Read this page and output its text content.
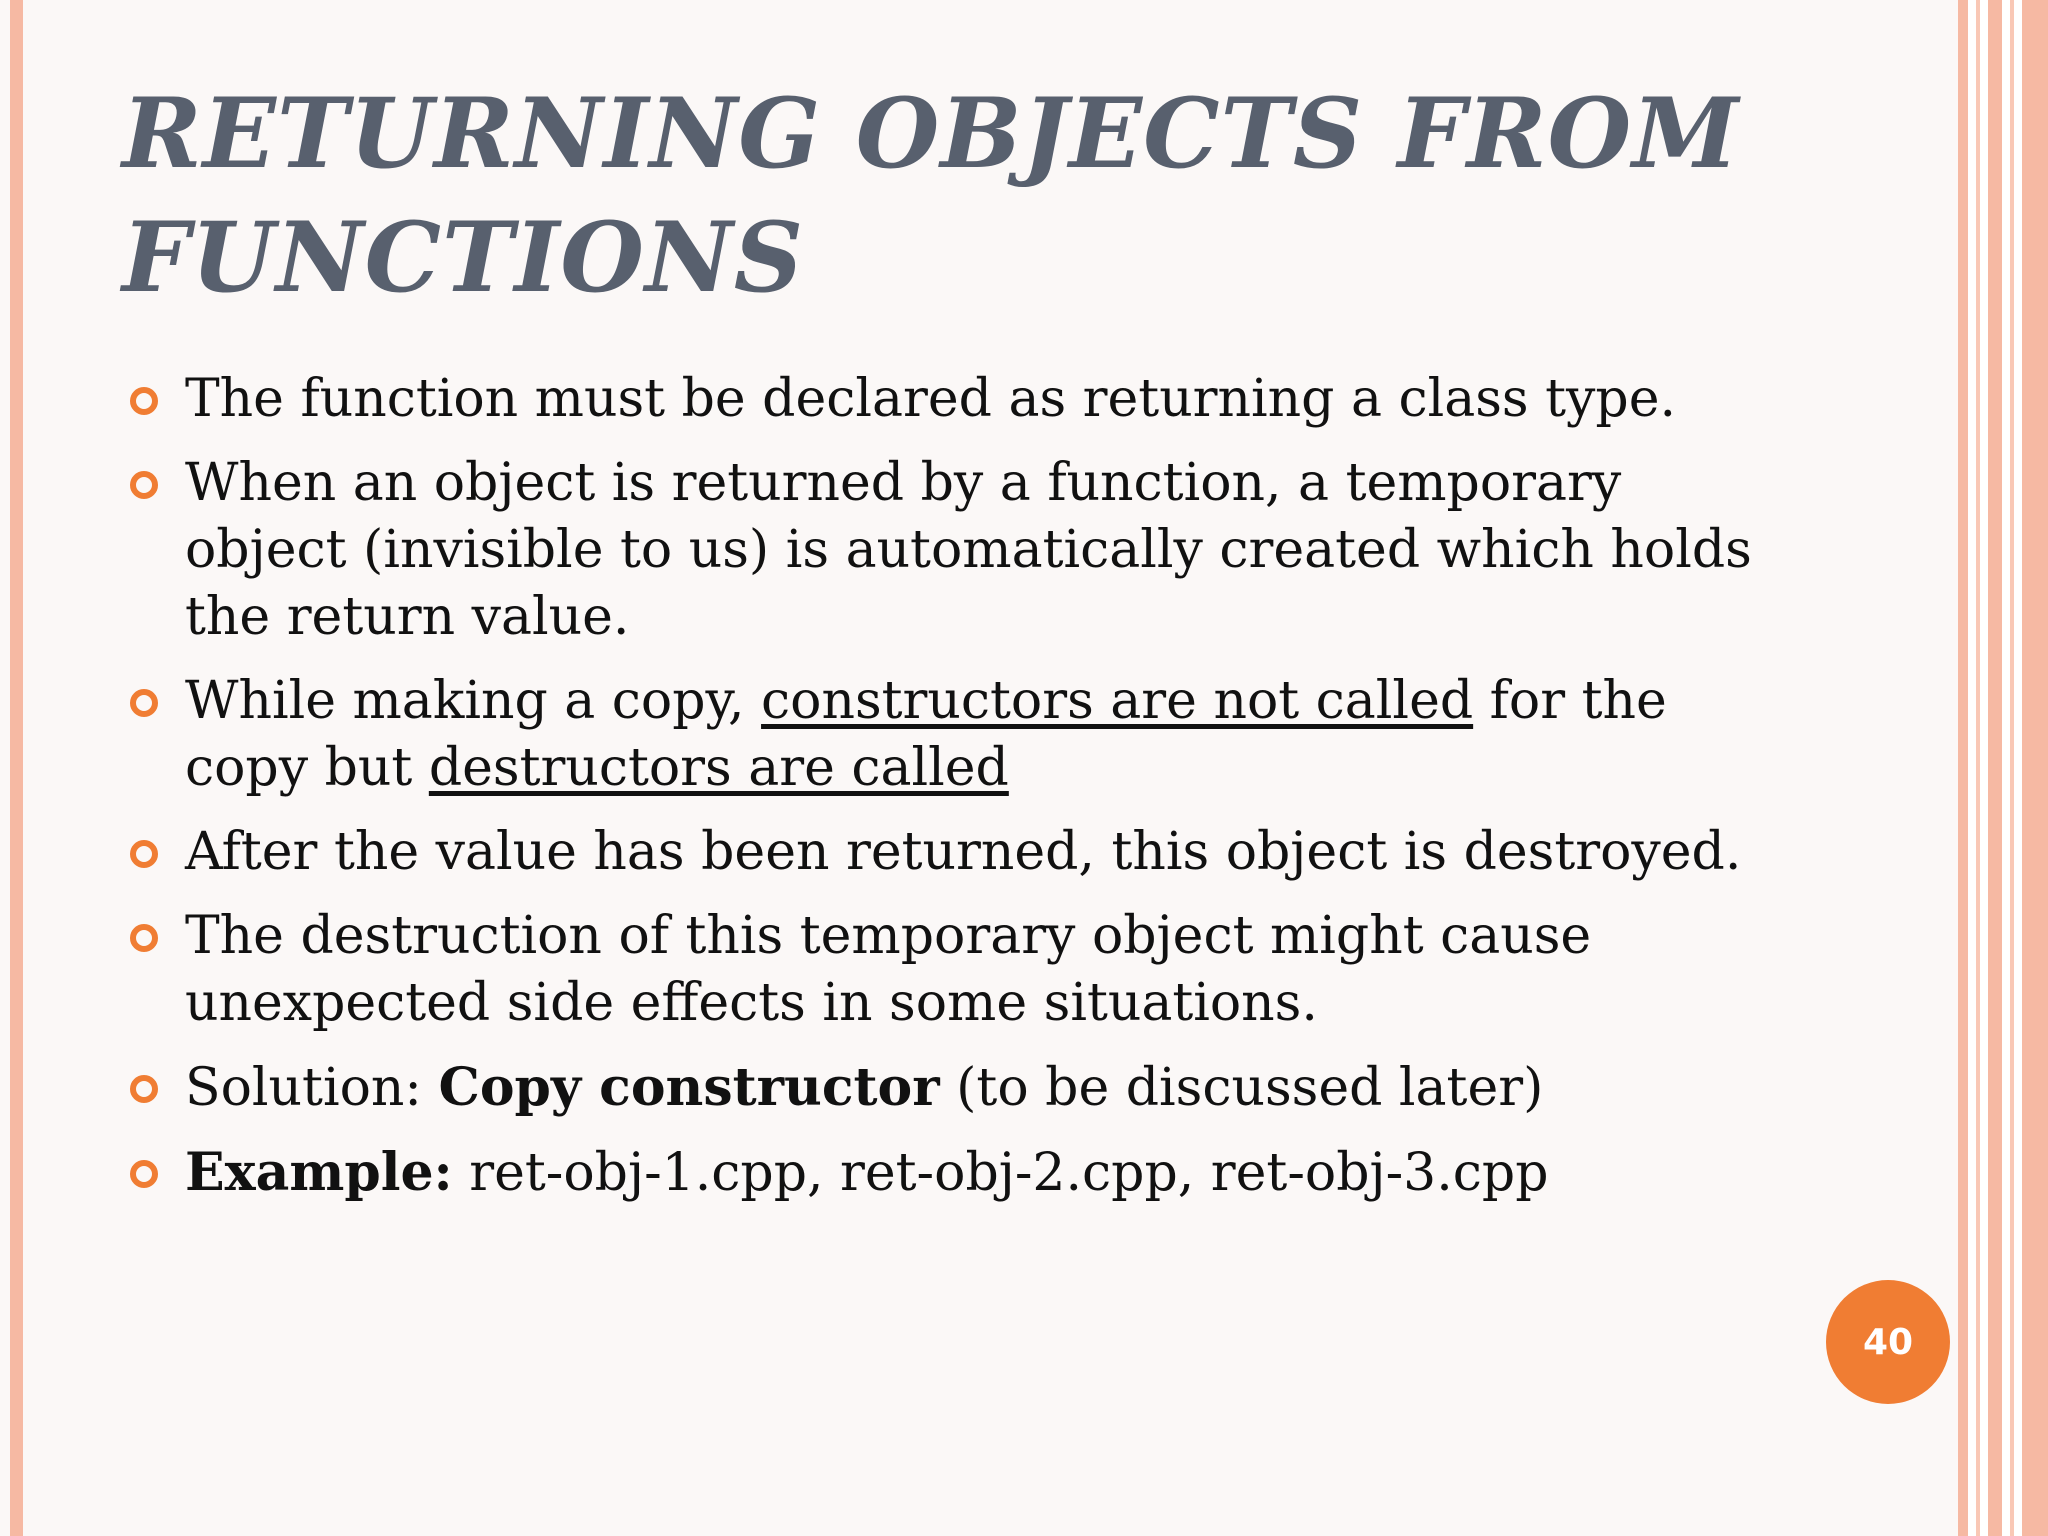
RETURNING OBJECTS FROM FUNCTIONS
The function must be declared as returning a class type.
When an object is returned by a function, a temporary object (invisible to us) is automatically created which holds the return value.
While making a copy, constructors are not called for the copy but destructors are called
After the value has been returned, this object is destroyed.
The destruction of this temporary object might cause unexpected side effects in some situations.
Solution: Copy constructor (to be discussed later)
Example: ret-obj-1.cpp, ret-obj-2.cpp, ret-obj-3.cpp
40
